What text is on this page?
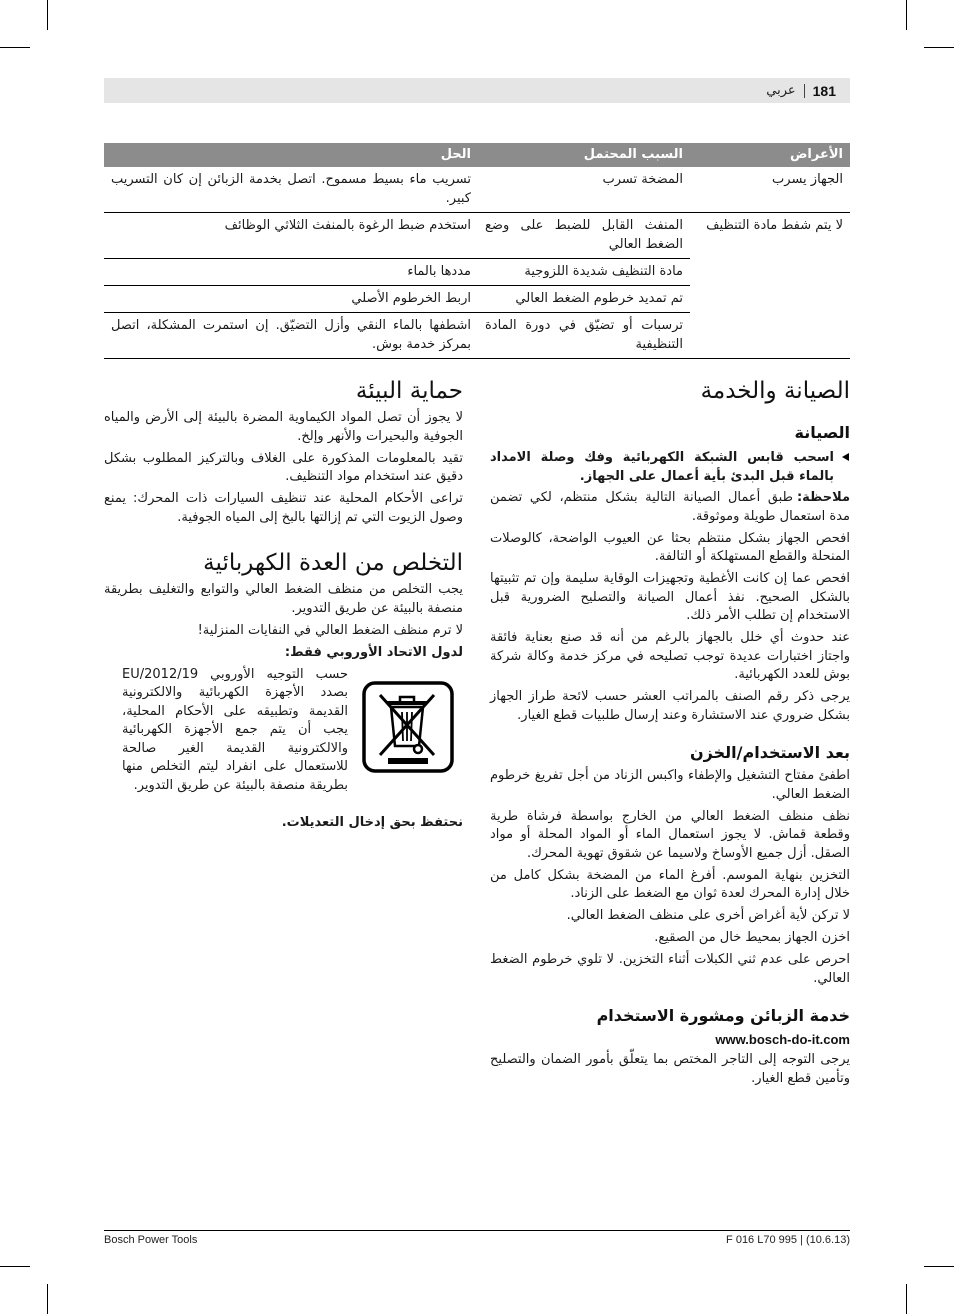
181
عربي
الأعراض	السبب المحتمل	الحل
الجهاز يسرب	المضخة تسرب	تسريب ماء بسيط مسموح. اتصل بخدمة الزبائن إن كان التسريب كبير.
لا يتم شفط مادة التنظيف	المنفث القابل للضبط على وضع الضغط العالي	استخدم ضبط الرغوة بالمنفث الثلاثي الوظائف
	مادة التنظيف شديدة اللزوجية	مددها بالماء
	تم تمديد خرطوم الضغط العالي	اربط الخرطوم الأصلي
	ترسبات أو تضيّق في دورة المادة التنظيفية	اشطفها بالماء النقي وأزل التضيّق. إن استمرت المشكلة، اتصل بمركز خدمة بوش.
الصيانة والخدمة
الصيانة
اسحب قابس الشبكة الكهربائية وفك وصلة الامداد بالماء قبل البدئ بأية أعمال على الجهاز.

ملاحظة:طبق أعمال الصيانة التالية بشكل منتظم، لكي تضمن مدة استعمال طويلة وموثوقة.

افحص الجهاز بشكل منتظم بحثا عن العيوب الواضحة، كالوصلات المنحلة والقطع المستهلكة أو التالفة.

افحص عما إن كانت الأغطية وتجهيزات الوقاية سليمة وإن تم تثبيتها بالشكل الصحيح. نفذ أعمال الصيانة والتصليح الضرورية قبل الاستخدام إن تطلب الأمر ذلك.

عند حدوث أي خلل بالجهاز بالرغم من أنه قد صنع بعناية فائقة واجتاز اختبارات عديدة توجب تصليحه في مركز خدمة وكالة شركة بوش للعدد الكهربائية.

يرجى ذكر رقم الصنف بالمراتب العشر حسب لائحة طراز الجهاز بشكل ضروري عند الاستشارة وعند إرسال طلبيات قطع الغيار.

بعد الاستخدام/الخزن

اطفئ مفتاح التشغيل والإطفاء واكبس الزناد من أجل تفريغ خرطوم الضغط العالي.

نظف منظف الضغط العالي من الخارج بواسطة فرشاة طرية وقطعة قماش. لا يجوز استعمال الماء أو المواد المحلة أو مواد الصقل. أزل جميع الأوساخ ولاسيما عن شقوق تهوية المحرك.

التخزين بنهاية الموسم. أفرغ الماء من المضخة بشكل كامل من خلال إدارة المحرك لعدة ثوان مع الضغط على الزناد.

لا تركن لأية أغراض أخرى على منظف الضغط العالي.

اخزن الجهاز بمحيط خال من الصقيع.

احرص على عدم ثني الكبلات أثناء التخزين. لا تلوي خرطوم الضغط العالي.

خدمة الزبائن ومشورة الاستخدام
www.bosch-do-it.com

يرجى التوجه إلى التاجر المختص بما يتعلّق بأمور الضمان والتصليح وتأمين قطع الغيار.

حماية البيئة

لا يجوز أن تصل المواد الكيماوية المضرة بالبيئة إلى الأرض والمياه الجوفية والبحيرات والأنهر وإلخ.

تقيد بالمعلومات المذكورة على الغلاف وبالتركيز المطلوب بشكل دقيق عند استخدام مواد التنظيف.

تراعى الأحكام المحلية عند تنظيف السيارات ذات المحرك: يمنع وصول الزيوت التي تم إزالتها بالبخ إلى المياه الجوفية.

التخلص من العدة الكهربائية

يجب التخلص من منظف الضغط العالي والتوابع والتغليف بطريقة منصفة بالبيئة عن طريق التدوير.

لا ترم منظف الضغط العالي في النفايات المنزلية!

لدول الاتحاد الأوروبي فقط:

حسب التوجيه الأوروبي 2012/19/EU بصدد الأجهزة الكهربائية والالكترونية القديمة وتطبيقه على الأحكام المحلية، يجب أن يتم جمع الأجهزة الكهربائية والالكترونية القديمة الغير صالحة للاستعمال على انفراد ليتم التخلص منها بطريقة منصفة بالبيئة عن طريق التدوير.

نحتفظ بحق إدخال التعديلات.

Bosch Power Tools	F 016 L70 995 | (10.6.13)
